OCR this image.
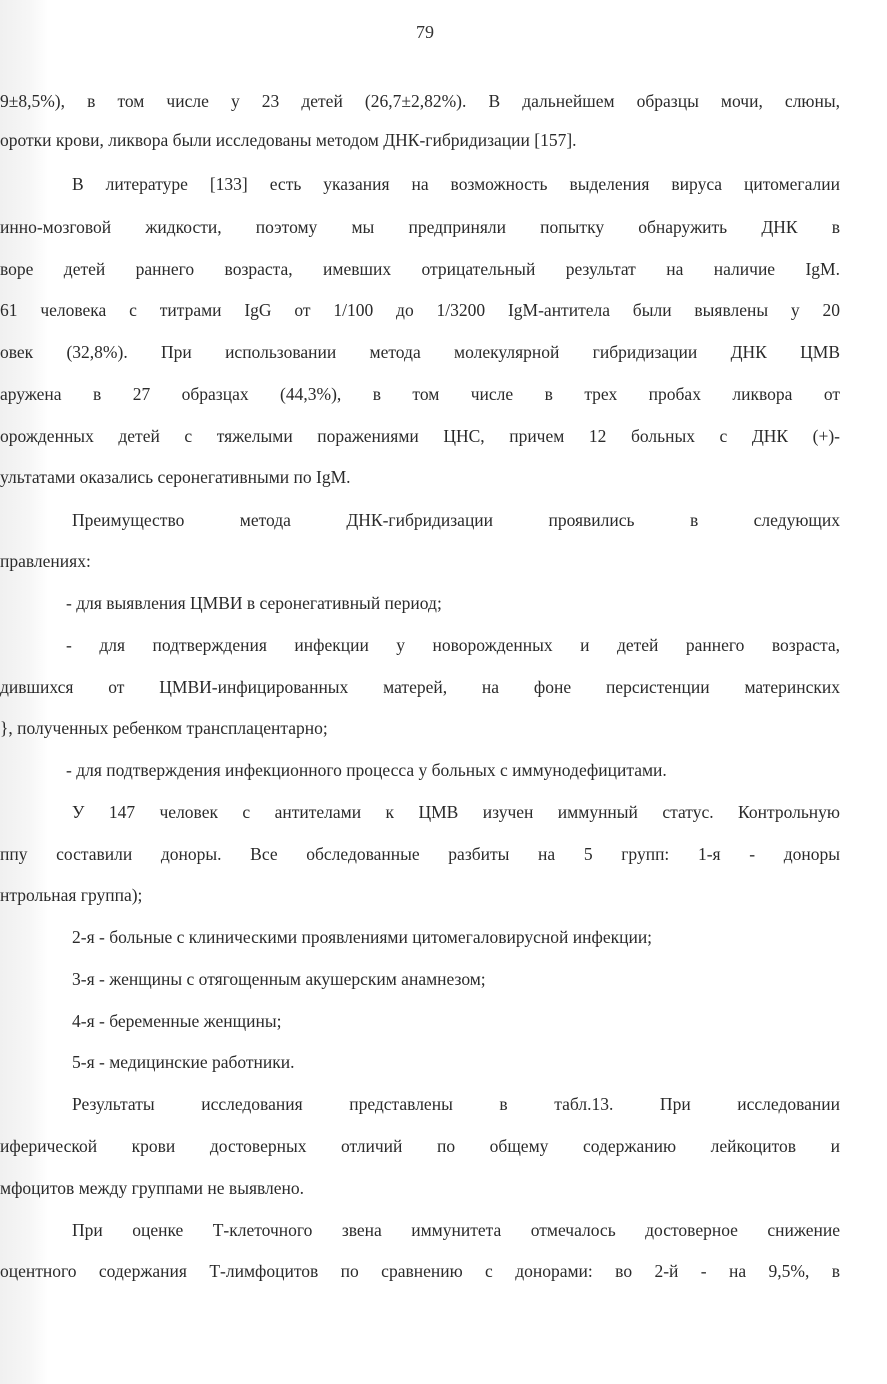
79
9±8,5%), в том числе у 23 детей (26,7±2,82%). В дальнейшем образцы мочи, слюны,
оротки крови, ликвора были исследованы методом ДНК-гибридизации [157].
В литературе [133] есть указания на возможность выделения вируса цитомегалии
инно-мозговой жидкости, поэтому мы предприняли попытку обнаружить ДНК в
воре детей раннего возраста, имевших отрицательный результат на наличие IgM.
61 человека с титрами IgG от 1/100 до 1/3200 IgM-антитела были выявлены у 20
овек (32,8%). При использовании метода молекулярной гибридизации ДНК ЦМВ
аружена в 27 образцах (44,3%), в том числе в трех пробах ликвора от
орожденных детей с тяжелыми поражениями ЦНС, причем 12 больных с ДНК (+)-
ультатами оказались серонегативными по IgM.
Преимущество метода ДНК-гибридизации проявились в следующих
правлениях:
- для выявления ЦМВИ в серонегативный период;
- для подтверждения инфекции у новорожденных и детей раннего возраста,
дившихся от ЦМВИ-инфицированных матерей, на фоне персистенции материнских
}, полученных ребенком трансплацентарно;
- для подтверждения инфекционного процесса у больных с иммунодефицитами.
У 147 человек с антителами к ЦМВ изучен иммунный статус. Контрольную
ппу составили доноры. Все обследованные разбиты на 5 групп: 1-я - доноры
нтрольная группа);
2-я - больные с клиническими проявлениями цитомегаловирусной инфекции;
3-я - женщины с отягощенным акушерским анамнезом;
4-я - беременные женщины;
5-я - медицинские работники.
Результаты исследования представлены в табл.13. При исследовании
иферической крови достоверных отличий по общему содержанию лейкоцитов и
мфоцитов между группами не выявлено.
При оценке Т-клеточного звена иммунитета отмечалось достоверное снижение
оцентного содержания Т-лимфоцитов по сравнению с донорами: во 2-й - на 9,5%, в
